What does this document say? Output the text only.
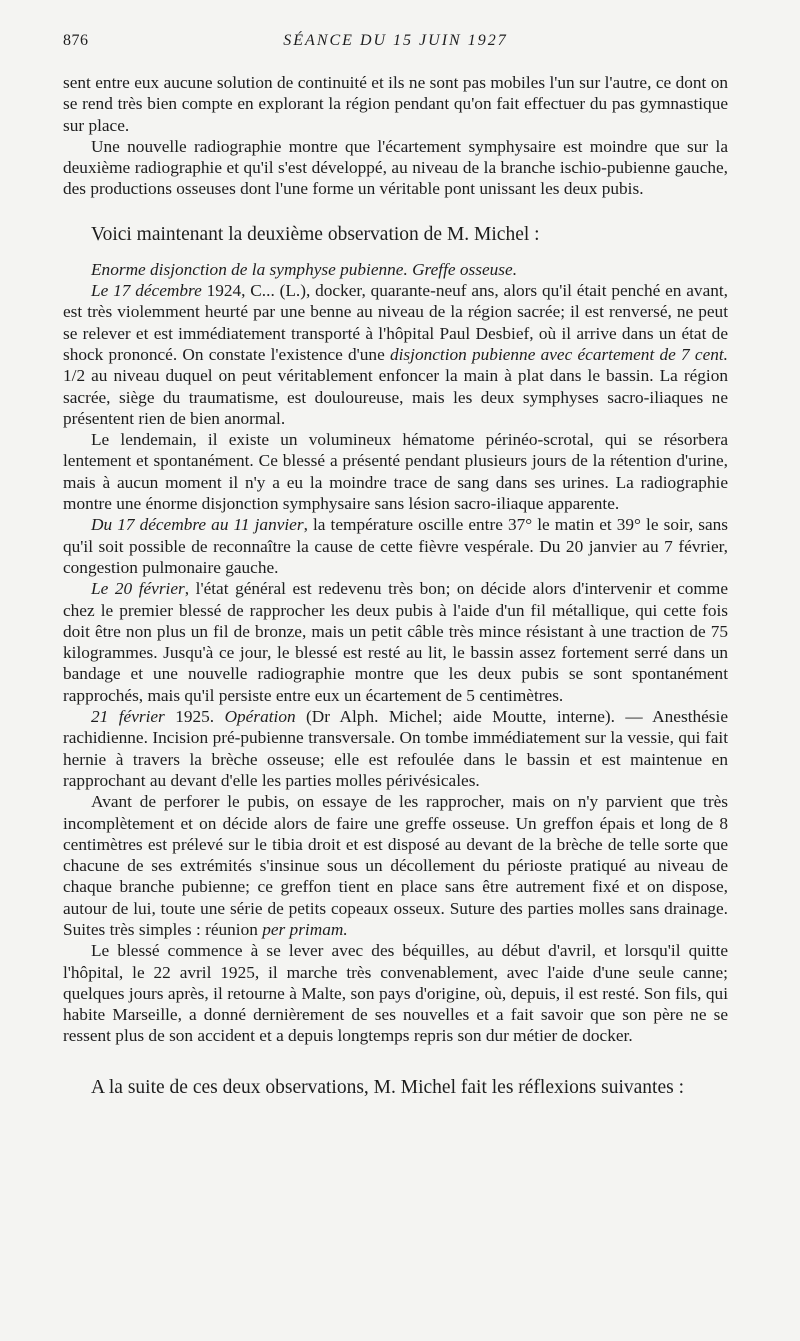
876	SÉANCE DU 15 JUIN 1927

sent entre eux aucune solution de continuité et ils ne sont pas mobiles l'un sur l'autre, ce dont on se rend très bien compte en explorant la région pendant qu'on fait effectuer du pas gymnastique sur place.

Une nouvelle radiographie montre que l'écartement symphysaire est moindre que sur la deuxième radiographie et qu'il s'est développé, au niveau de la branche ischio-pubienne gauche, des productions osseuses dont l'une forme un véritable pont unissant les deux pubis.

Voici maintenant la deuxième observation de M. Michel :

Enorme disjonction de la symphyse pubienne. Greffe osseuse.

Le 17 décembre 1924, C... (L.), docker, quarante-neuf ans, alors qu'il était penché en avant, est très violemment heurté par une benne au niveau de la région sacrée; il est renversé, ne peut se relever et est immédiatement transporté à l'hôpital Paul Desbief, où il arrive dans un état de shock prononcé. On constate l'existence d'une disjonction pubienne avec écartement de 7 cent. 1/2 au niveau duquel on peut véritablement enfoncer la main à plat dans le bassin. La région sacrée, siège du traumatisme, est douloureuse, mais les deux symphyses sacro-iliaques ne présentent rien de bien anormal.

Le lendemain, il existe un volumineux hématome périnéo-scrotal, qui se résorbera lentement et spontanément. Ce blessé a présenté pendant plusieurs jours de la rétention d'urine, mais à aucun moment il n'y a eu la moindre trace de sang dans ses urines. La radiographie montre une énorme disjonction symphysaire sans lésion sacro-iliaque apparente.

Du 17 décembre au 11 janvier, la température oscille entre 37° le matin et 39° le soir, sans qu'il soit possible de reconnaître la cause de cette fièvre vespérale. Du 20 janvier au 7 février, congestion pulmonaire gauche.

Le 20 février, l'état général est redevenu très bon; on décide alors d'intervenir et comme chez le premier blessé de rapprocher les deux pubis à l'aide d'un fil métallique, qui cette fois doit être non plus un fil de bronze, mais un petit câble très mince résistant à une traction de 75 kilogrammes. Jusqu'à ce jour, le blessé est resté au lit, le bassin assez fortement serré dans un bandage et une nouvelle radiographie montre que les deux pubis se sont spontanément rapprochés, mais qu'il persiste entre eux un écartement de 5 centimètres.

21 février 1925. Opération (Dr Alph. Michel; aide Moutte, interne). — Anesthésie rachidienne. Incision pré-pubienne transversale. On tombe immédiatement sur la vessie, qui fait hernie à travers la brèche osseuse; elle est refoulée dans le bassin et est maintenue en rapprochant au devant d'elle les parties molles périvésicales.

Avant de perforer le pubis, on essaye de les rapprocher, mais on n'y parvient que très incomplètement et on décide alors de faire une greffe osseuse. Un greffon épais et long de 8 centimètres est prélevé sur le tibia droit et est disposé au devant de la brèche de telle sorte que chacune de ses extrémités s'insinue sous un décollement du périoste pratiqué au niveau de chaque branche pubienne; ce greffon tient en place sans être autrement fixé et on dispose, autour de lui, toute une série de petits copeaux osseux. Suture des parties molles sans drainage. Suites très simples : réunion per primam.

Le blessé commence à se lever avec des béquilles, au début d'avril, et lorsqu'il quitte l'hôpital, le 22 avril 1925, il marche très convenablement, avec l'aide d'une seule canne; quelques jours après, il retourne à Malte, son pays d'origine, où, depuis, il est resté. Son fils, qui habite Marseille, a donné dernièrement de ses nouvelles et a fait savoir que son père ne se ressent plus de son accident et a depuis longtemps repris son dur métier de docker.

A la suite de ces deux observations, M. Michel fait les réflexions suivantes :
